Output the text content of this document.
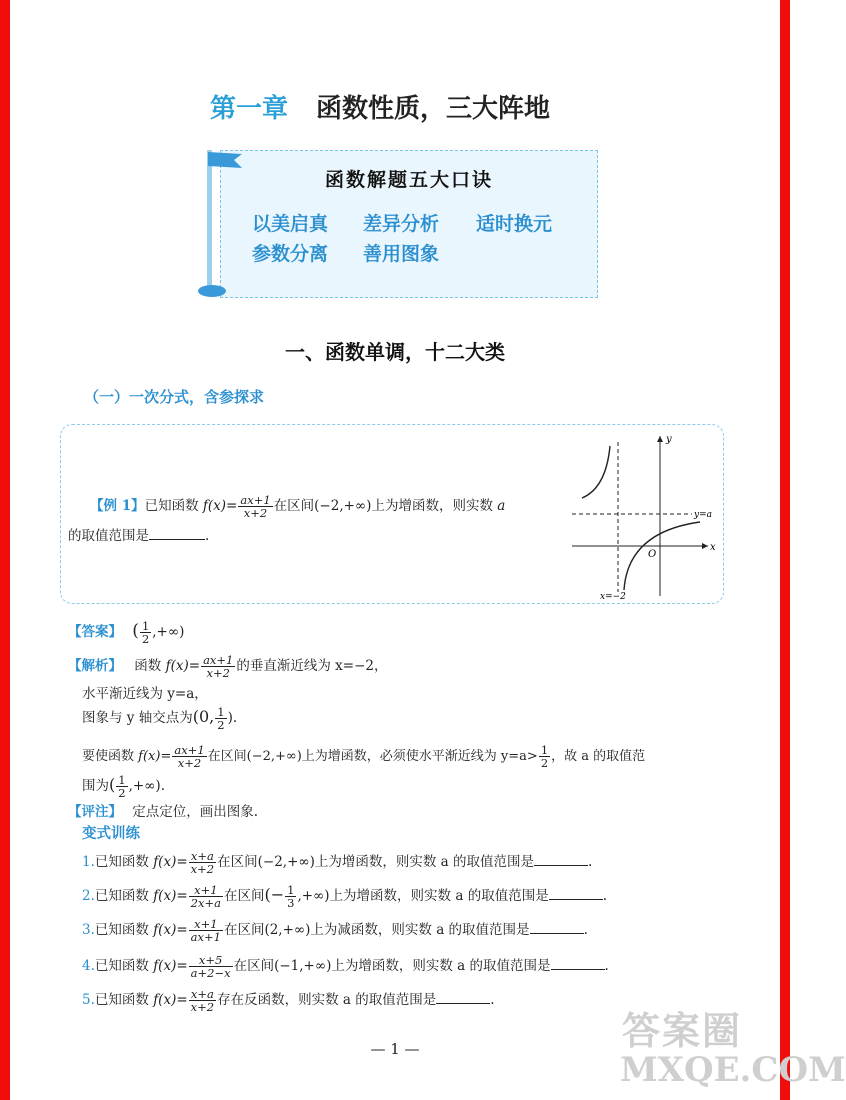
第一章 函数性质，三大阵地
函数解题五大口诀
以美启真 差异分析 适时换元
参数分离 善用图象
一、函数单调，十二大类
（一）一次分式，含参探求
【例 1】已知函数 $f(x)= \frac{ax+1}{x+2}$ 在区间(−2,+∞)上为增函数，则实数 a
的取值范围是	.
y
x
O
y=a
x=−2
【答案】 ( $\frac{1}{2}$ ,+∞)
【解析】 函数 $f(x)= \frac{ax+1}{x+2}$ 的垂直渐近线为 x=−2，
水平渐近线为 y=a，
图象与 y 轴交点为(0, $\frac{1}{2}$ ).
要使函数 $f(x)= \frac{ax+1}{x+2}$ 在区间(−2,+∞)上为增函数，必须使水平渐近线为 $y=a> \frac{1}{2}$ ，故 a 的取值范
围为( $\frac{1}{2}$ ,+∞).
【评注】 定点定位，画出图象.
变式训练
1.已知函数 $f(x)= \frac{x+a}{x+2}$ 在区间(−2,+∞)上为增函数，则实数 a 的取值范围是	.
2.已知函数 $f(x)= \frac{x+1}{2x+a}$ 在区间(− $\frac{1}{3}$ ,+∞)上为增函数，则实数 a 的取值范围是	.
3.已知函数 $f(x)= \frac{x+1}{ax+1}$ 在区间(2,+∞)上为减函数，则实数 a 的取值范围是	.
4.已知函数 $f(x)= \frac{x+5}{a+2-x}$ 在区间(−1,+∞)上为增函数，则实数 a 的取值范围是	.
5.已知函数 $f(x)= \frac{x+a}{x+2}$ 存在反函数，则实数 a 的取值范围是	.
— 1 —	答案圈
MXQE.COM
